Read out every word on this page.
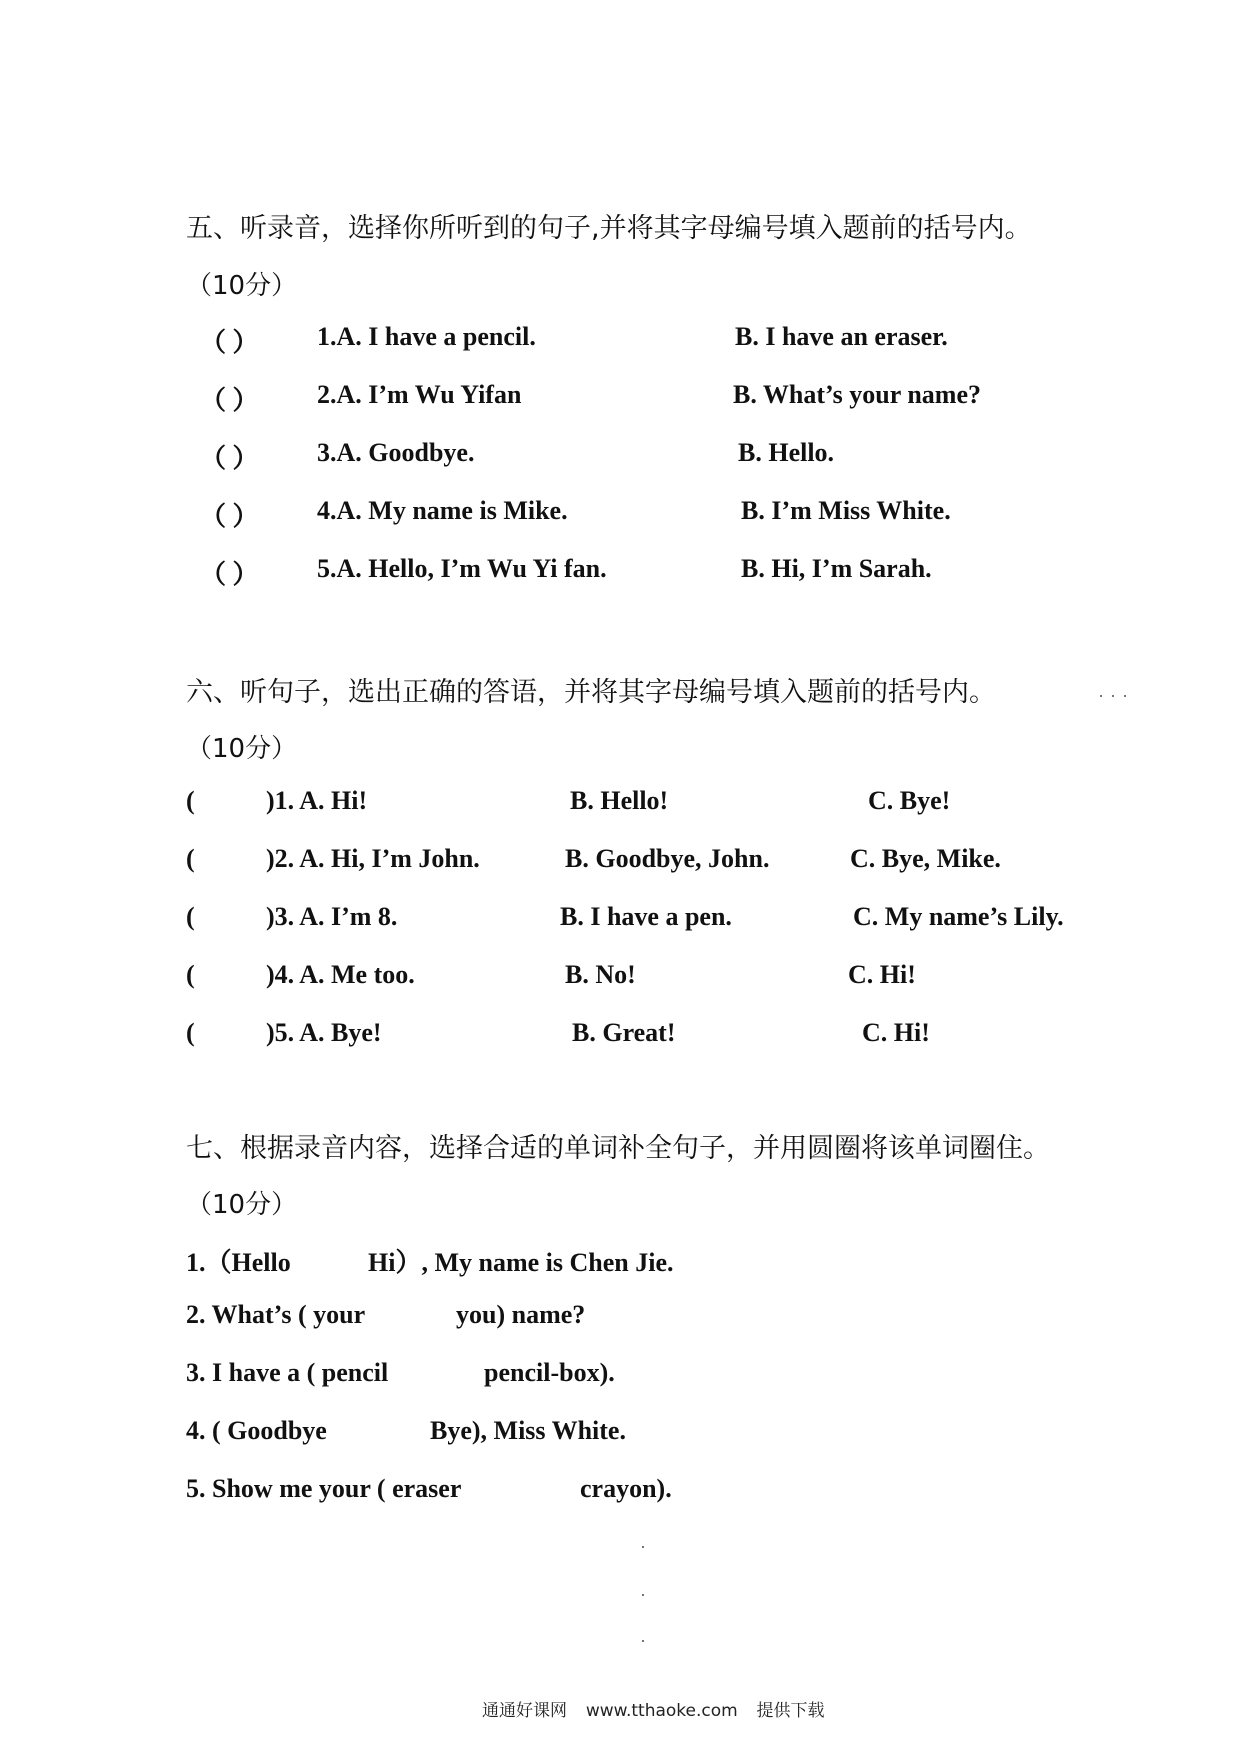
五、听录音，选择你所听到的句子,并将其字母编号填入题前的括号内。
（10分）
（ ） 1.A. I have a pencil.	B. I have an eraser.
（ ） 2.A. I’m Wu Yifan	B. What’s your name?
（ ） 3.A. Goodbye.	B. Hello.
（ ） 4.A. My name is Mike.	B. I’m Miss White.
（ ） 5.A. Hello, I’m Wu Yi fan.	B. Hi, I’m Sarah.
六、听句子，选出正确的答语，并将其字母编号填入题前的括号内。
（10分）
(	)1. A. Hi!	B. Hello!	C. Bye!
(	)2. A. Hi, I’m John.	B. Goodbye, John.	C. Bye, Mike.
(	)3. A. I’m 8.	B. I have a pen.	C. My name’s Lily.
(	)4. A. Me too.	B. No!	C. Hi!
(	)5. A. Bye!	B. Great!	C. Hi!
七、根据录音内容，选择合适的单词补全句子，并用圆圈将该单词圈住。
（10分）
1.（Hello	Hi）, My name is Chen Jie.
2. What’s ( your	you) name?
3. I have a ( pencil	pencil-box).
4. ( Goodbye	Bye), Miss White.
5. Show me your ( eraser	crayon).
通通好课网 www.tthaoke.com 提供下载
